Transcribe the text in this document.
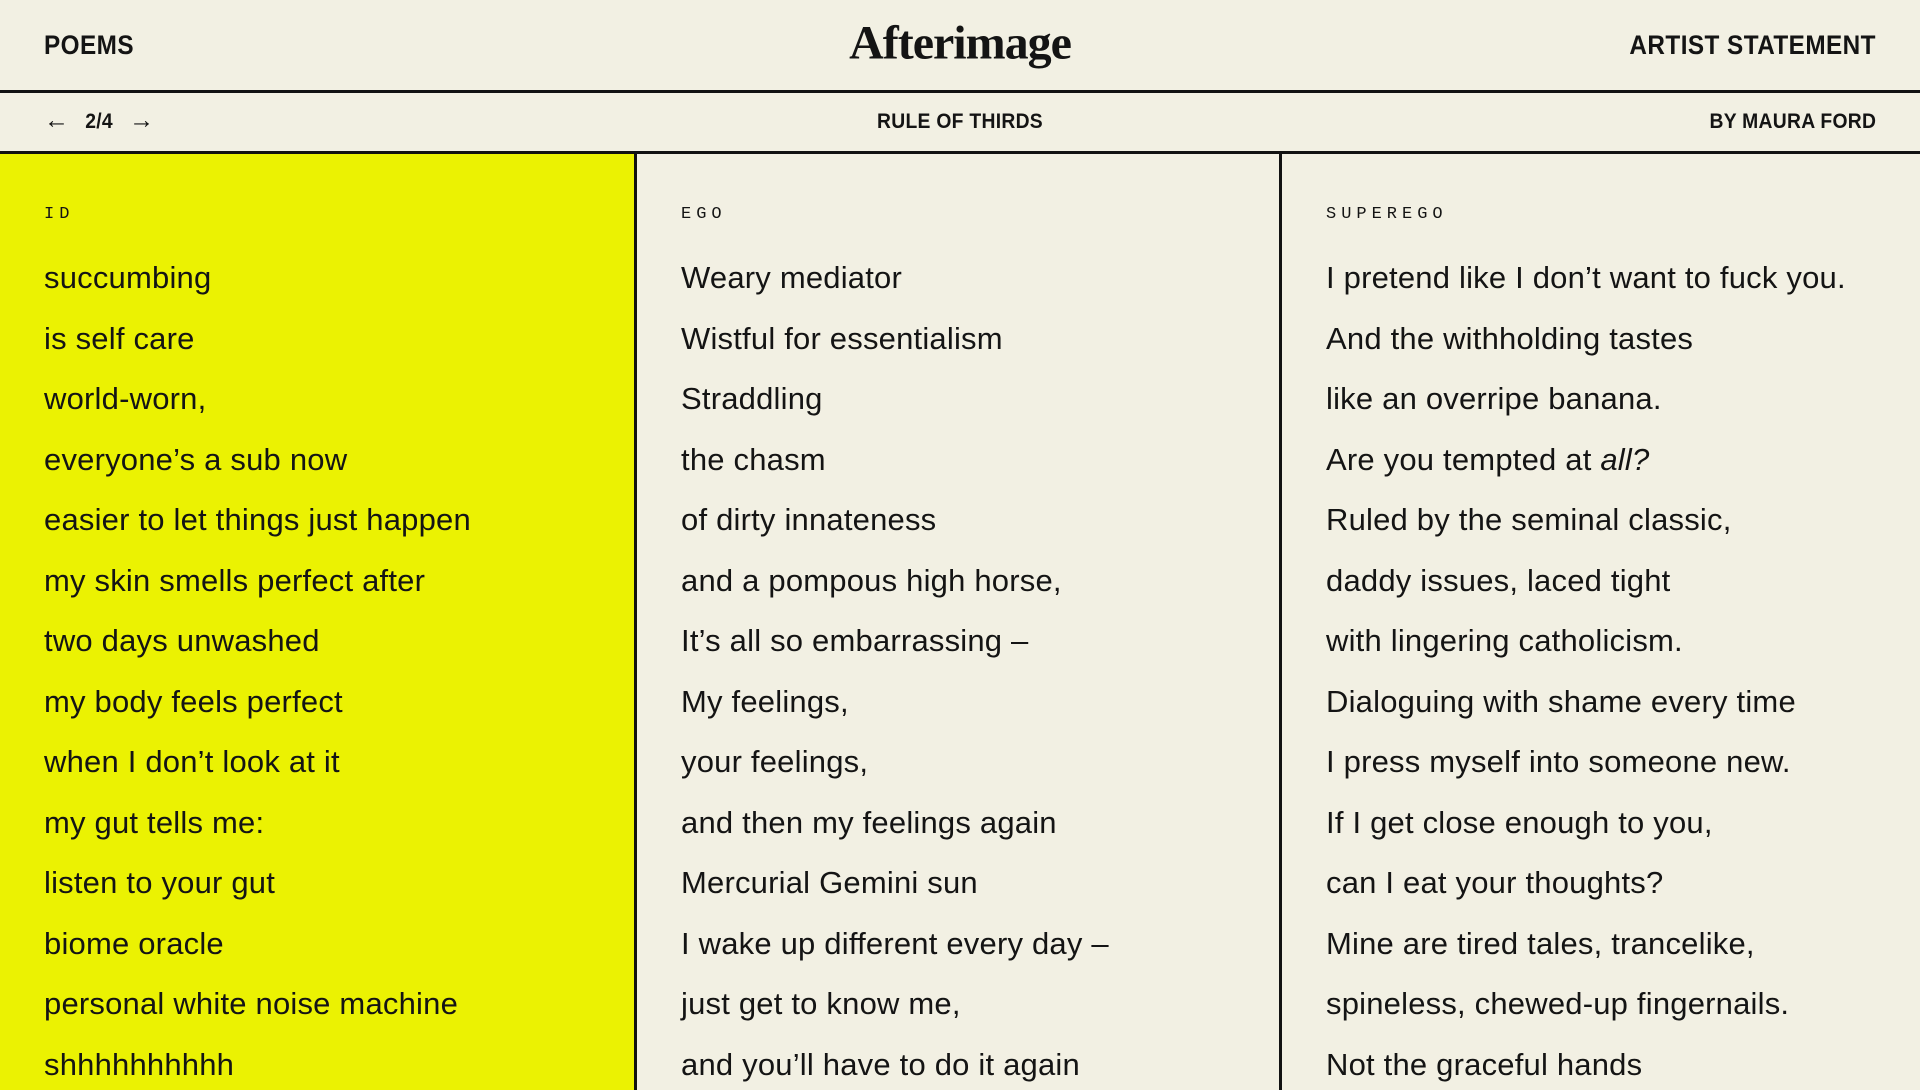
POEMS	Afterimage	ARTIST STATEMENT
← 2/4 →	RULE OF THIRDS	BY MAURA FORD
ID
succumbing
is self care
world-worn,
everyone’s a sub now
easier to let things just happen
my skin smells perfect after
two days unwashed
my body feels perfect
when I don’t look at it
my gut tells me:
listen to your gut
biome oracle
personal white noise machine
shhhhhhhhhh
EGO
Weary mediator
Wistful for essentialism
Straddling
the chasm
of dirty innateness
and a pompous high horse,
It’s all so embarrassing –
My feelings,
your feelings,
and then my feelings again
Mercurial Gemini sun
I wake up different every day –
just get to know me,
and you’ll have to do it again
SUPEREGO
I pretend like I don’t want to fuck you.
And the withholding tastes
like an overripe banana.
Are you tempted at all?
Ruled by the seminal classic,
daddy issues, laced tight
with lingering catholicism.
Dialoguing with shame every time
I press myself into someone new.
If I get close enough to you,
can I eat your thoughts?
Mine are tired tales, trancelike,
spineless, chewed-up fingernails.
Not the graceful hands
